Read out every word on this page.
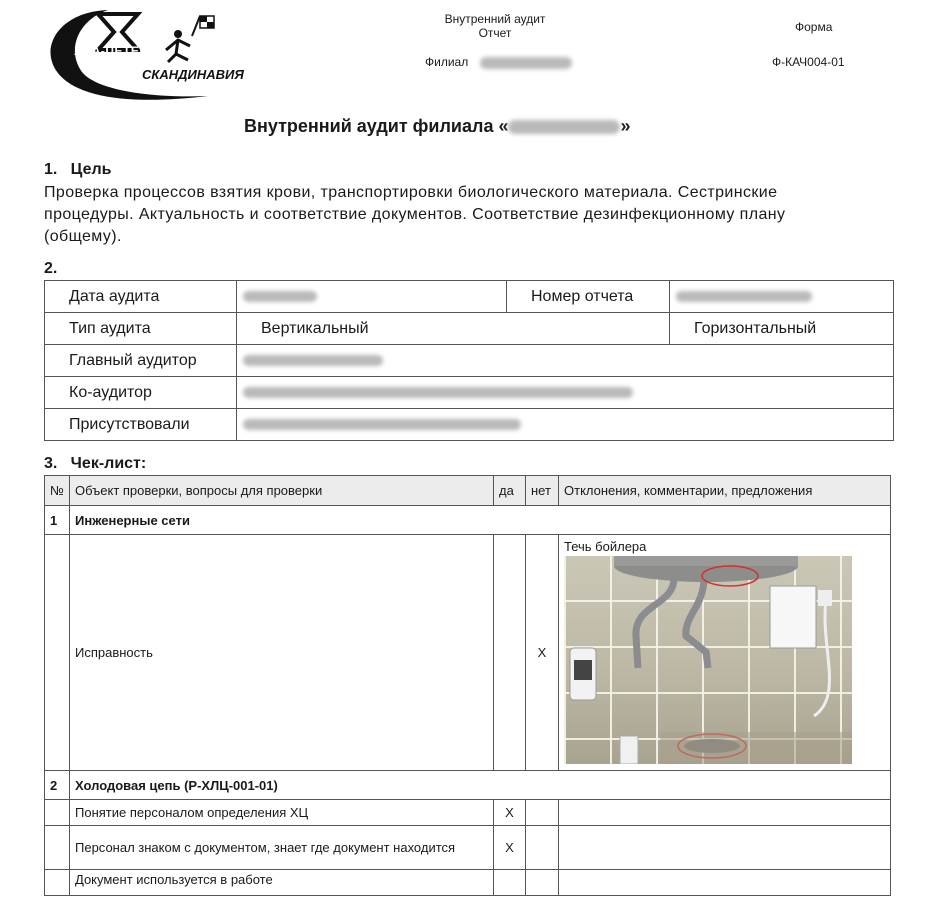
АВА-ПЕТЕР
СКАНДИНАВИЯ
Внутренний аудит
Отчет
Филиал
Форма
Ф-КАЧ004-01
Внутренний аудит филиала «	»
1.   Цель
Проверка процессов взятия крови, транспортировки биологического материала. Сестринские процедуры. Актуальность и соответствие документов. Соответствие дезинфекционному плану (общему).
2.
Дата аудита		Номер отчета	

Тип аудита	Вертикальный		Горизонтальный
Главный аудитор			

Ко-аудитор			

Присутствовали			
3.   Чек-лист:
№	Объект проверки, вопросы для проверки	да	нет	Отклонения, комментарии, предложения
1	Инженерные сети			
	Исправность		X	Течь бойлера

2	Холодовая цепь (Р-ХЛЦ-001-01)			
	Понятие персоналом определения ХЦ	X		
	Персонал знаком с документом, знает где документ находится	X		
	Документ используется в работе			
